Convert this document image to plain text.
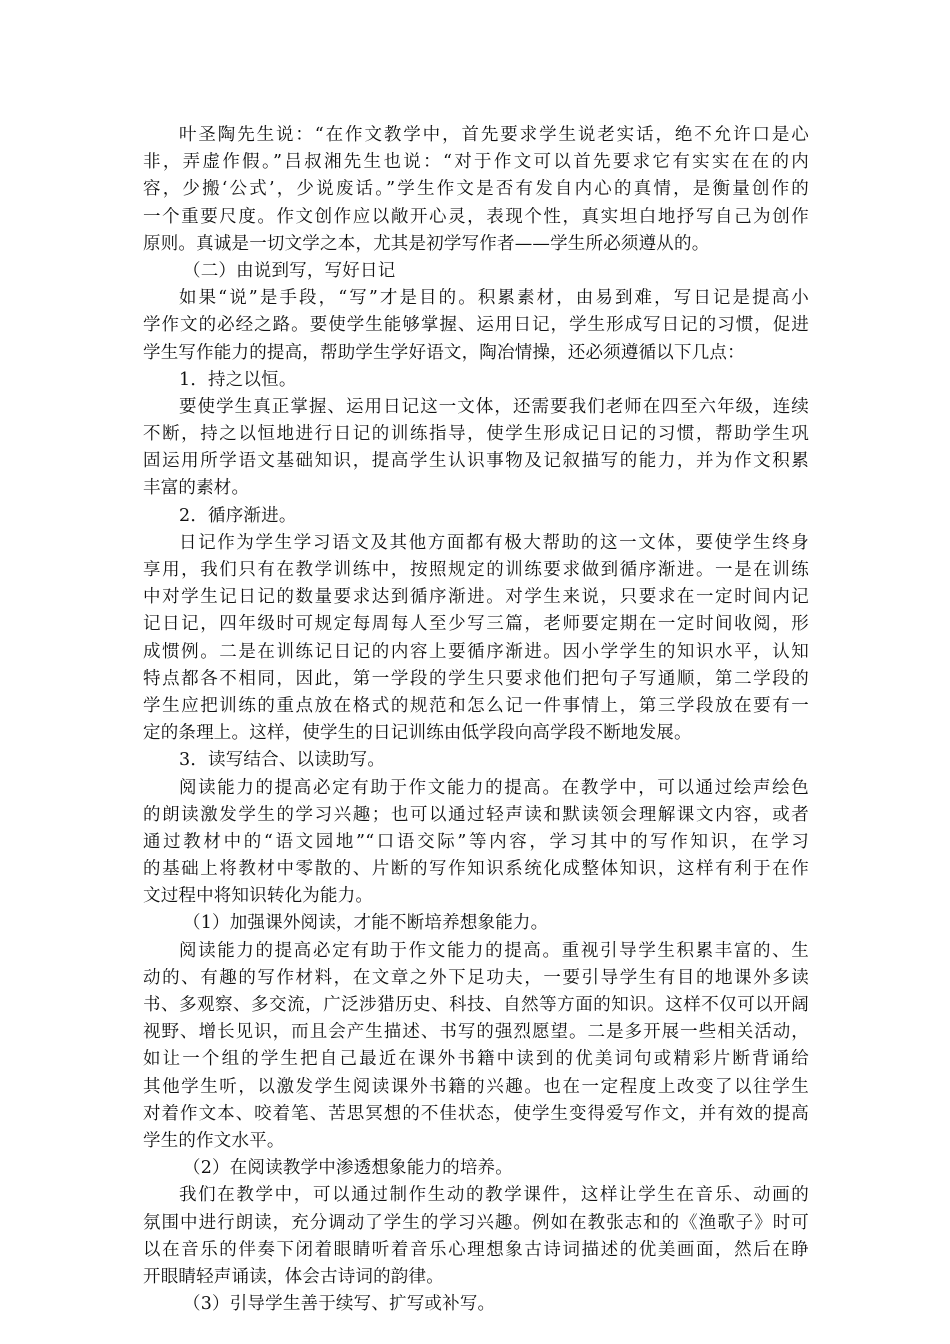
叶圣陶先生说：“在作文教学中，首先要求学生说老实话，绝不允许口是心
非，弄虚作假。”吕叔湘先生也说：“对于作文可以首先要求它有实实在在的内
容，少搬‘公式’，少说废话。”学生作文是否有发自内心的真情，是衡量创作的
一个重要尺度。作文创作应以敞开心灵，表现个性，真实坦白地抒写自己为创作
原则。真诚是一切文学之本，尤其是初学写作者——学生所必须遵从的。
（二）由说到写，写好日记
如果“说”是手段，“写”才是目的。积累素材，由易到难，写日记是提高小
学作文的必经之路。要使学生能够掌握、运用日记，学生形成写日记的习惯，促进
学生写作能力的提高，帮助学生学好语文，陶冶情操，还必须遵循以下几点：
1．持之以恒。
要使学生真正掌握、运用日记这一文体，还需要我们老师在四至六年级，连续
不断，持之以恒地进行日记的训练指导，使学生形成记日记的习惯，帮助学生巩
固运用所学语文基础知识，提高学生认识事物及记叙描写的能力，并为作文积累
丰富的素材。
2．循序渐进。
日记作为学生学习语文及其他方面都有极大帮助的这一文体，要使学生终身
享用，我们只有在教学训练中，按照规定的训练要求做到循序渐进。一是在训练
中对学生记日记的数量要求达到循序渐进。对学生来说，只要求在一定时间内记
记日记，四年级时可规定每周每人至少写三篇，老师要定期在一定时间收阅，形
成惯例。二是在训练记日记的内容上要循序渐进。因小学学生的知识水平，认知
特点都各不相同，因此，第一学段的学生只要求他们把句子写通顺，第二学段的
学生应把训练的重点放在格式的规范和怎么记一件事情上，第三学段放在要有一
定的条理上。这样，使学生的日记训练由低学段向高学段不断地发展。
3．读写结合、以读助写。
阅读能力的提高必定有助于作文能力的提高。在教学中，可以通过绘声绘色
的朗读激发学生的学习兴趣；也可以通过轻声读和默读领会理解课文内容，或者
通过教材中的“语文园地”“口语交际”等内容，学习其中的写作知识，在学习
的基础上将教材中零散的、片断的写作知识系统化成整体知识，这样有利于在作
文过程中将知识转化为能力。
（1）加强课外阅读，才能不断培养想象能力。
阅读能力的提高必定有助于作文能力的提高。重视引导学生积累丰富的、生
动的、有趣的写作材料，在文章之外下足功夫，一要引导学生有目的地课外多读
书、多观察、多交流，广泛涉猎历史、科技、自然等方面的知识。这样不仅可以开阔
视野、增长见识，而且会产生描述、书写的强烈愿望。二是多开展一些相关活动，
如让一个组的学生把自己最近在课外书籍中读到的优美词句或精彩片断背诵给
其他学生听，以激发学生阅读课外书籍的兴趣。也在一定程度上改变了以往学生
对着作文本、咬着笔、苦思冥想的不佳状态，使学生变得爱写作文，并有效的提高
学生的作文水平。
（2）在阅读教学中渗透想象能力的培养。
我们在教学中，可以通过制作生动的教学课件，这样让学生在音乐、动画的
氛围中进行朗读，充分调动了学生的学习兴趣。例如在教张志和的《渔歌子》时可
以在音乐的伴奏下闭着眼睛听着音乐心理想象古诗词描述的优美画面，然后在睁
开眼睛轻声诵读，体会古诗词的韵律。
（3）引导学生善于续写、扩写或补写。
